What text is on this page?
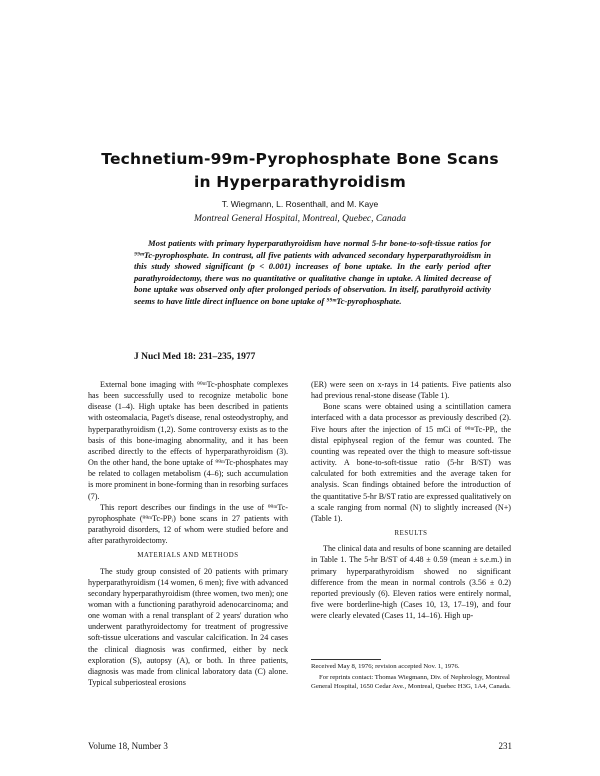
Technetium-99m-Pyrophosphate Bone Scans
in Hyperparathyroidism
T. Wiegmann, L. Rosenthall, and M. Kaye
Montreal General Hospital, Montreal, Quebec, Canada

Most patients with primary hyperparathyroidism have normal 5-hr bone-to-soft-tissue ratios for ⁹⁹ᵐTc-pyrophosphate. In contrast, all five patients with advanced secondary hyperparathyroidism in this study showed significant (p < 0.001) increases of bone uptake. In the early period after parathyroidectomy, there was no quantitative or qualitative change in uptake. A limited decrease of bone uptake was observed only after prolonged periods of observation. In itself, parathyroid activity seems to have little direct influence on bone uptake of ⁹⁹ᵐTc-pyrophosphate.

J Nucl Med 18: 231–235, 1977

External bone imaging with ⁹⁹ᵐTc-phosphate complexes has been successfully used to recognize metabolic bone disease (1–4). High uptake has been described in patients with osteomalacia, Paget's disease, renal osteodystrophy, and hyperparathyroidism (1,2). Some controversy exists as to the basis of this bone-imaging abnormality, and it has been ascribed directly to the effects of hyperparathyroidism (3). On the other hand, the bone uptake of ⁹⁹ᵐTc-phosphates may be related to collagen metabolism (4–6); such accumulation is more prominent in bone-forming than in resorbing surfaces (7).

This report describes our findings in the use of ⁹⁹ᵐTc-pyrophosphate (⁹⁹ᵐTc-PPᵢ) bone scans in 27 patients with parathyroid disorders, 12 of whom were studied before and after parathyroidectomy.

MATERIALS AND METHODS

The study group consisted of 20 patients with primary hyperparathyroidism (14 women, 6 men); five with advanced secondary hyperparathyroidism (three women, two men); one woman with a functioning parathyroid adenocarcinoma; and one woman with a renal transplant of 2 years' duration who underwent parathyroidectomy for treatment of progressive soft-tissue ulcerations and vascular calcification. In 24 cases the clinical diagnosis was confirmed, either by neck exploration (S), autopsy (A), or both. In three patients, diagnosis was made from clinical laboratory data (C) alone. Typical subperiosteal erosions

(ER) were seen on x-rays in 14 patients. Five patients also had previous renal-stone disease (Table 1).

Bone scans were obtained using a scintillation camera interfaced with a data processor as previously described (2). Five hours after the injection of 15 mCi of ⁹⁹ᵐTc-PPᵢ, the distal epiphyseal region of the femur was counted. The counting was repeated over the thigh to measure soft-tissue activity. A bone-to-soft-tissue ratio (5-hr B/ST) was calculated for both extremities and the average taken for analysis. Scan findings obtained before the introduction of the quantitative 5-hr B/ST ratio are expressed qualitatively on a scale ranging from normal (N) to slightly increased (N+) (Table 1).

RESULTS

The clinical data and results of bone scanning are detailed in Table 1. The 5-hr B/ST of 4.48 ± 0.59 (mean ± s.e.m.) in primary hyperparathyroidism showed no significant difference from the mean in normal controls (3.56 ± 0.2) reported previously (6). Eleven ratios were entirely normal, five were borderline-high (Cases 10, 13, 17–19), and four were clearly elevated (Cases 11, 14–16). High up-

Received May 8, 1976; revision accepted Nov. 1, 1976.
For reprints contact: Thomas Wiegmann, Div. of Nephrology, Montreal General Hospital, 1650 Cedar Ave., Montreal, Quebec H3G, 1A4, Canada.
Volume 18, Number 3	231
